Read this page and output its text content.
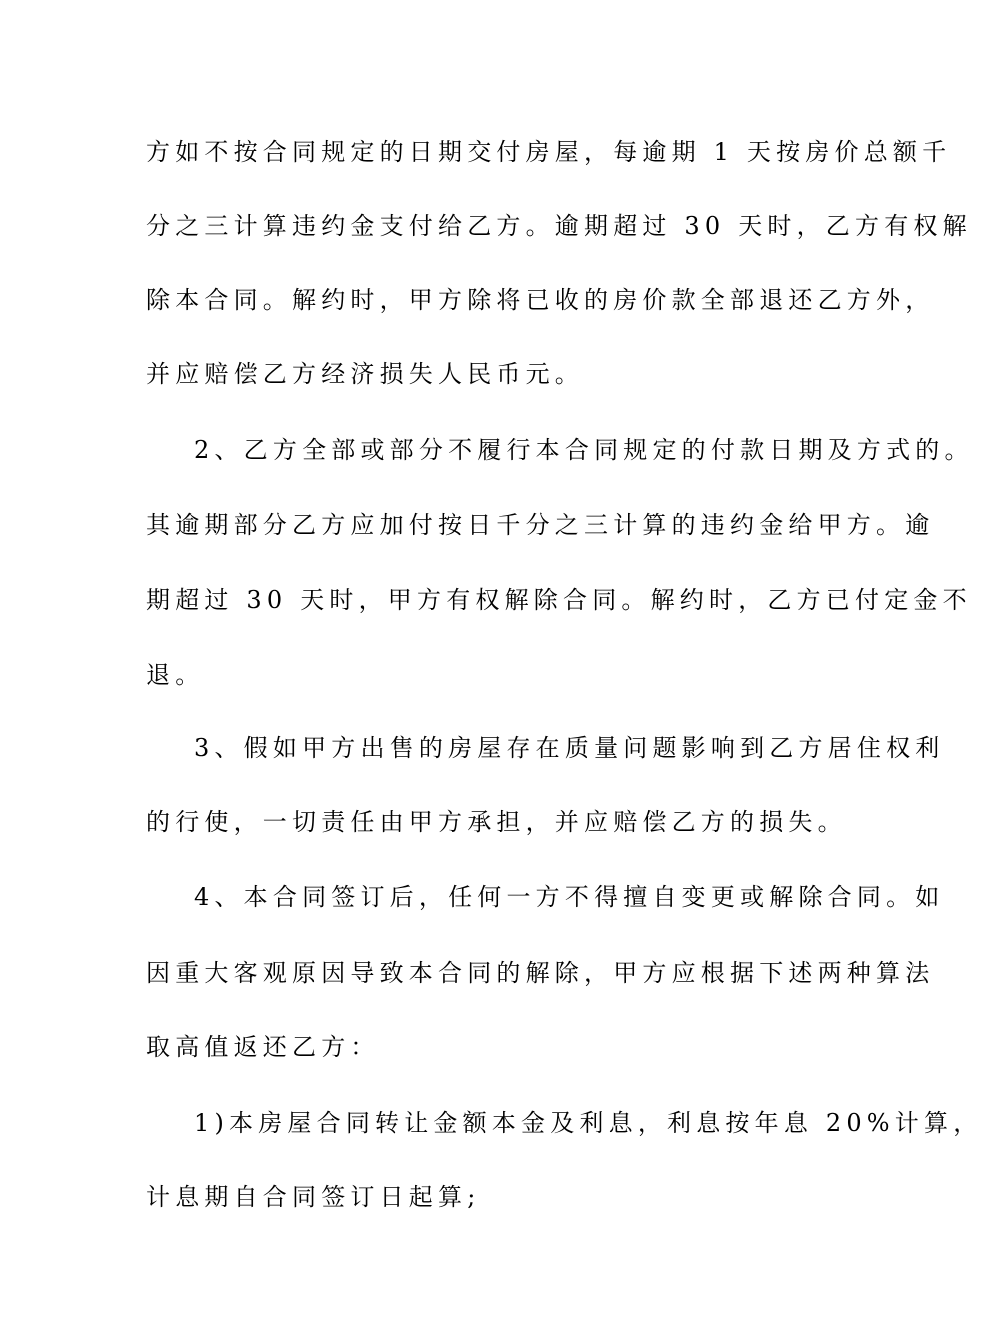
方如不按合同规定的日期交付房屋，每逾期 1 天按房价总额千
分之三计算违约金支付给乙方。逾期超过 30 天时，乙方有权解
除本合同。解约时，甲方除将已收的房价款全部退还乙方外，
并应赔偿乙方经济损失人民币元。
2、乙方全部或部分不履行本合同规定的付款日期及方式的。
其逾期部分乙方应加付按日千分之三计算的违约金给甲方。逾
期超过 30 天时，甲方有权解除合同。解约时，乙方已付定金不
退。
3、假如甲方出售的房屋存在质量问题影响到乙方居住权利
的行使，一切责任由甲方承担，并应赔偿乙方的损失。
4、本合同签订后，任何一方不得擅自变更或解除合同。如
因重大客观原因导致本合同的解除，甲方应根据下述两种算法
取高值返还乙方：
1)本房屋合同转让金额本金及利息，利息按年息 20%计算，
计息期自合同签订日起算;
